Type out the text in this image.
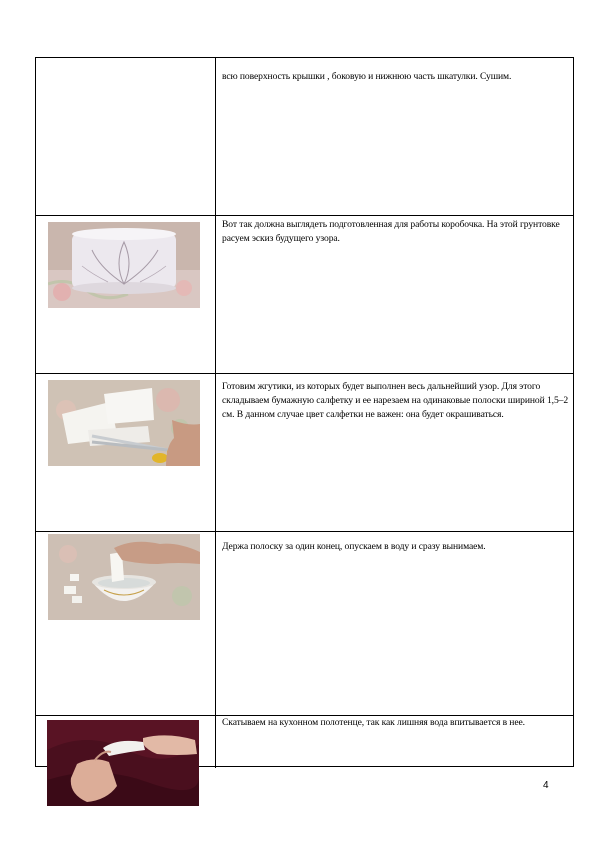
всю поверхность крышки , боковую и нижнюю часть шкатулки. Сушим.
Вот так должна выглядеть подготовленная для работы коробочка. На этой грунтовке расуем эскиз будущего узора.
Готовим жгутики, из которых будет выполнен весь дальнейший узор. Для этого складываем бумажную салфетку и ее нарезаем на одинаковые полоски шириной 1,5–2 см. В данном случае цвет салфетки не важен: она будет окрашиваться.
Держа полоску за один конец, опускаем в воду и сразу вынимаем.
Скатываем на кухонном полотенце, так как лишняя вода впитывается в нее.
4
